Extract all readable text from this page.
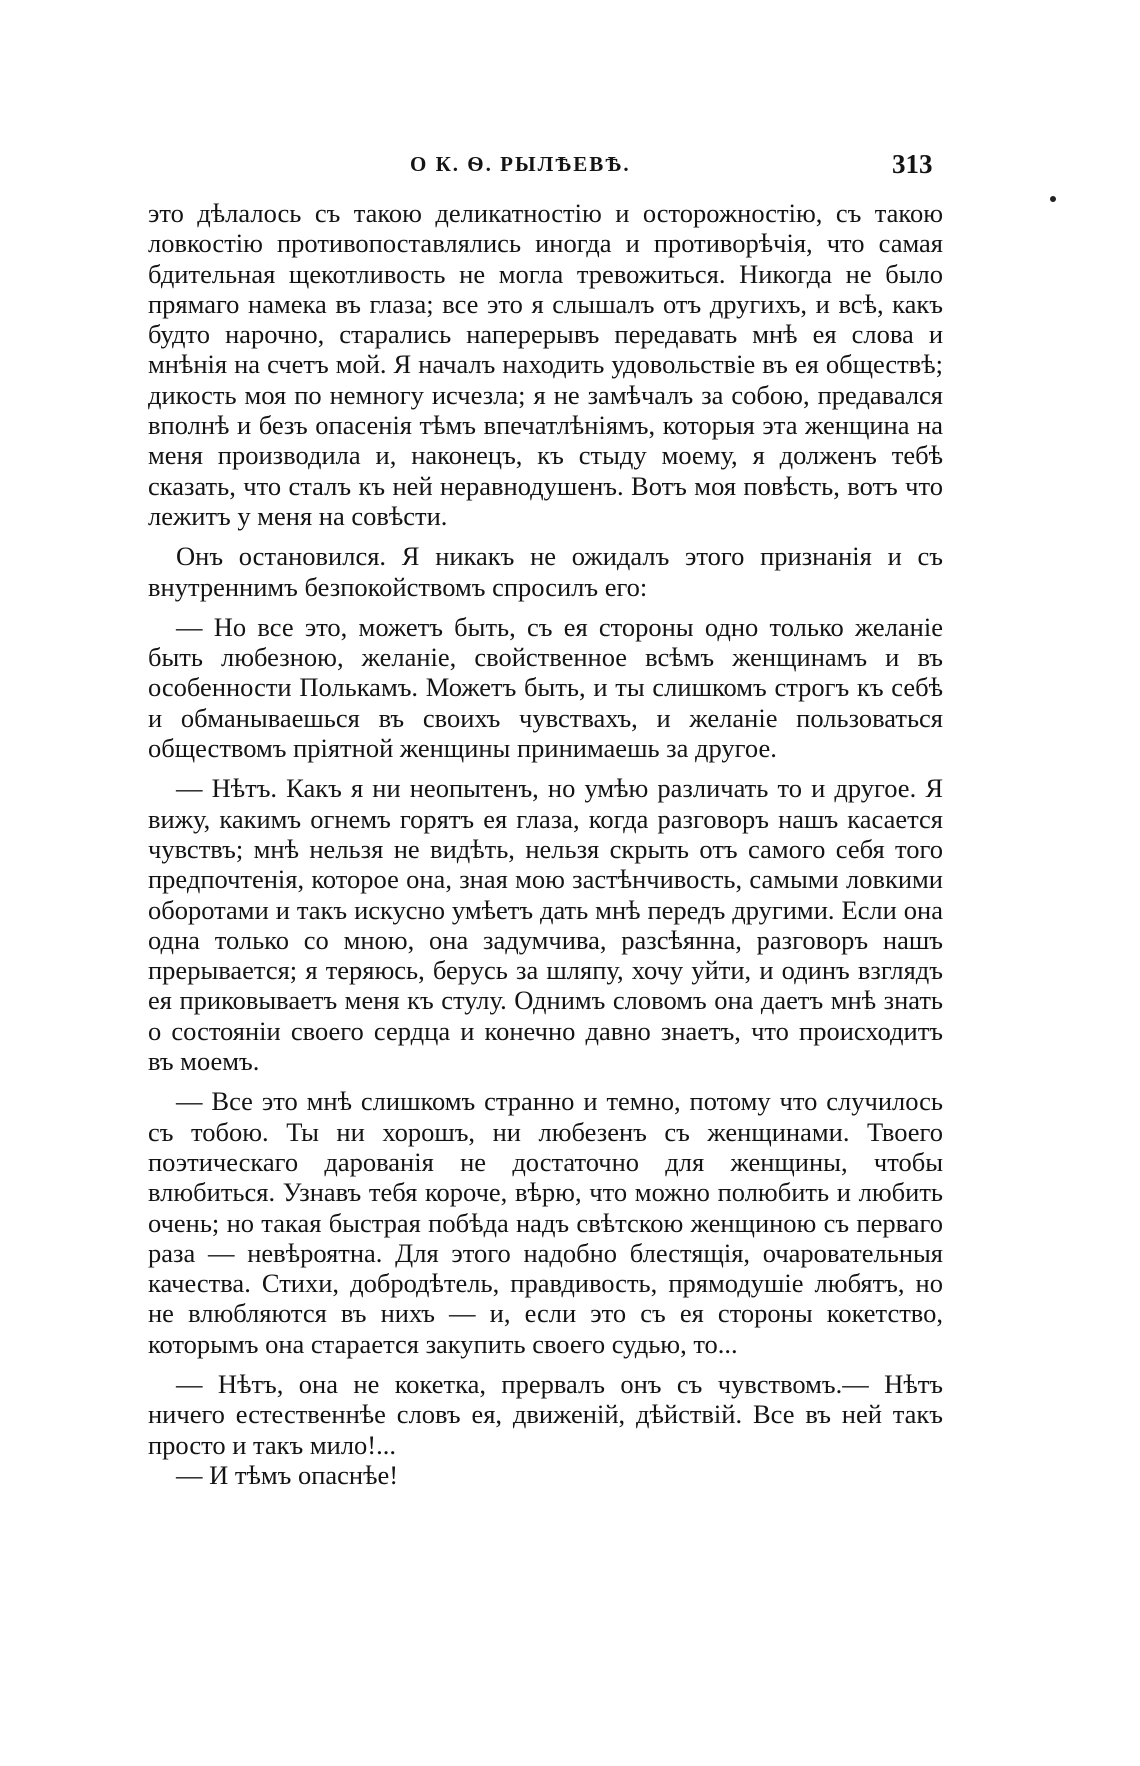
О К. Ѳ. РЫЛѢЕВѢ.	313

это дѣлалось съ такою деликатностію и осторожностію, съ такою ловкостію противопоставлялись иногда и противорѣчія, что самая бдительная щекотливость не могла тревожиться. Никогда не было прямаго намека въ глаза; все это я слышалъ отъ другихъ, и всѣ, какъ будто нарочно, старались наперерывъ передавать мнѣ ея слова и мнѣнія на счетъ мой. Я началъ находить удовольствіе въ ея обществѣ; дикость моя по немногу исчезла; я не замѣчалъ за собою, предавался вполнѣ и безъ опасенія тѣмъ впечатлѣніямъ, которыя эта женщина на меня производила и, наконецъ, къ стыду моему, я долженъ тебѣ сказать, что сталъ къ ней неравнодушенъ. Вотъ моя повѣсть, вотъ что лежитъ у меня на совѣсти.

Онъ остановился. Я никакъ не ожидалъ этого признанія и съ внутреннимъ безпокойствомъ спросилъ его:

— Но все это, можетъ быть, съ ея стороны одно только желаніе быть любезною, желаніе, свойственное всѣмъ женщинамъ и въ особенности Полькамъ. Можетъ быть, и ты слишкомъ строгъ къ себѣ и обманываешься въ своихъ чувствахъ, и желаніе пользоваться обществомъ пріятной женщины принимаешь за другое.

— Нѣтъ. Какъ я ни неопытенъ, но умѣю различать то и другое. Я вижу, какимъ огнемъ горятъ ея глаза, когда разговоръ нашъ касается чувствъ; мнѣ нельзя не видѣть, нельзя скрыть отъ самого себя того предпочтенія, которое она, зная мою застѣнчивость, самыми ловкими оборотами и такъ искусно умѣетъ дать мнѣ передъ другими. Если она одна только со мною, она задумчива, разсѣянна, разговоръ нашъ прерывается; я теряюсь, берусь за шляпу, хочу уйти, и одинъ взглядъ ея приковываетъ меня къ стулу. Однимъ словомъ она даетъ мнѣ знать о состояніи своего сердца и конечно давно знаетъ, что происходитъ въ моемъ.

— Все это мнѣ слишкомъ странно и темно, потому что случилось съ тобою. Ты ни хорошъ, ни любезенъ съ женщинами. Твоего поэтическаго дарованія не достаточно для женщины, чтобы влюбиться. Узнавъ тебя короче, вѣрю, что можно полюбить и любить очень; но такая быстрая побѣда надъ свѣтскою женщиною съ перваго раза — невѣроятна. Для этого надобно блестящія, очаровательныя качества. Стихи, добродѣтель, правдивость, прямодушіе любятъ, но не влюбляются въ нихъ — и, если это съ ея стороны кокетство, которымъ она старается закупить своего судью, то...

— Нѣтъ, она не кокетка, прервалъ онъ съ чувствомъ.— Нѣтъ ничего естественнѣе словъ ея, движеній, дѣйствій. Все въ ней такъ просто и такъ мило!...

— И тѣмъ опаснѣе!
